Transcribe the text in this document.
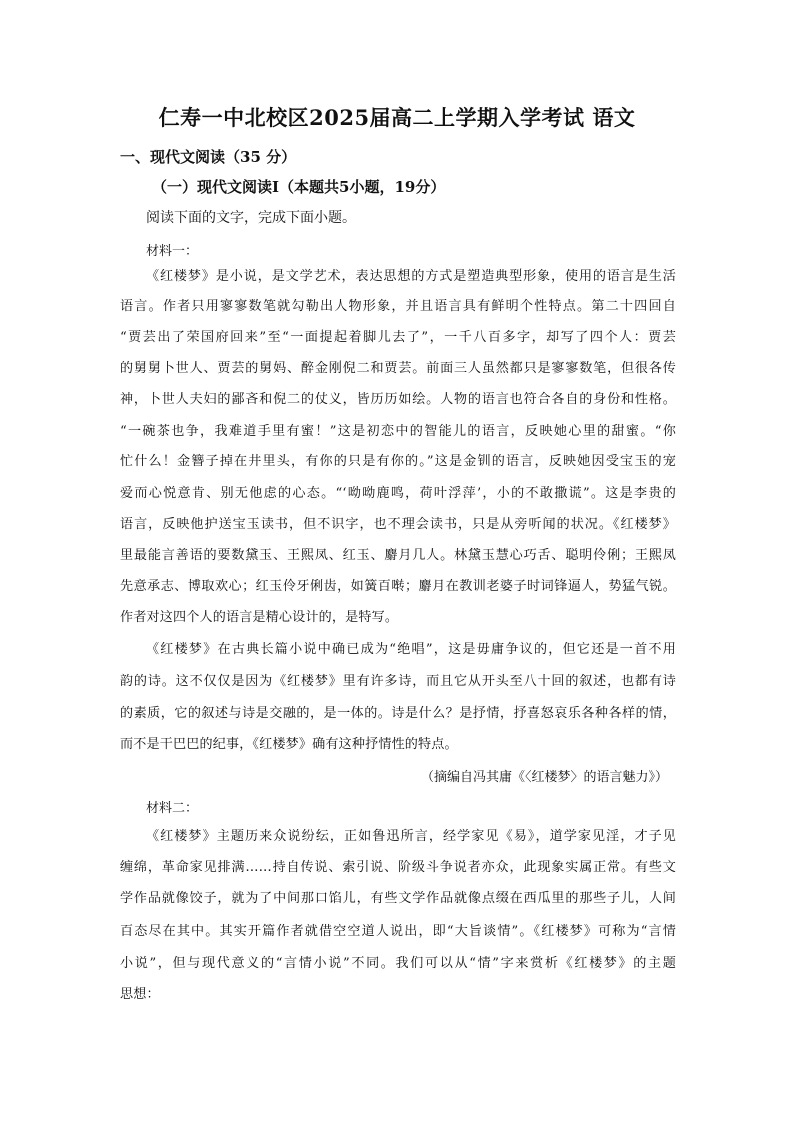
仁寿一中北校区2025届高二上学期入学考试 语文
一、现代文阅读（35 分）
（一）现代文阅读Ⅰ（本题共5小题，19分）
阅读下面的文字，完成下面小题。
材料一：
《红楼梦》是小说，是文学艺术，表达思想的方式是塑造典型形象，使用的语言是生活
语言。作者只用寥寥数笔就勾勒出人物形象，并且语言具有鲜明个性特点。第二十四回自
“贾芸出了荣国府回来”至“一面提起着脚儿去了”，一千八百多字，却写了四个人：贾芸
的舅舅卜世人、贾芸的舅妈、醉金刚倪二和贾芸。前面三人虽然都只是寥寥数笔，但很各传
神，卜世人夫妇的鄙吝和倪二的仗义，皆历历如绘。人物的语言也符合各自的身份和性格。
“一碗茶也争，我难道手里有蜜！”这是初恋中的智能儿的语言，反映她心里的甜蜜。“你
忙什么！金簪子掉在井里头，有你的只是有你的。”这是金钏的语言，反映她因受宝玉的宠
爱而心悦意肯、别无他虑的心态。“‘呦呦鹿鸣，荷叶浮萍’，小的不敢撒谎”。这是李贵的
语言，反映他护送宝玉读书，但不识字，也不理会读书，只是从旁听闻的状况。《红楼梦》
里最能言善语的要数黛玉、王熙凤、红玉、麝月几人。林黛玉慧心巧舌、聪明伶俐；王熙凤
先意承志、博取欢心；红玉伶牙俐齿，如簧百啭；麝月在教训老婆子时词锋逼人，势猛气锐。
作者对这四个人的语言是精心设计的，是特写。
《红楼梦》在古典长篇小说中确已成为“绝唱”，这是毋庸争议的，但它还是一首不用
韵的诗。这不仅仅是因为《红楼梦》里有许多诗，而且它从开头至八十回的叙述，也都有诗
的素质，它的叙述与诗是交融的，是一体的。诗是什么？是抒情，抒喜怒哀乐各种各样的情，
而不是干巴巴的纪事，《红楼梦》确有这种抒情性的特点。
（摘编自冯其庸《〈红楼梦〉的语言魅力》）
材料二：
《红楼梦》主题历来众说纷纭，正如鲁迅所言，经学家见《易》，道学家见淫，才子见
缠绵，革命家见排满……持自传说、索引说、阶级斗争说者亦众，此现象实属正常。有些文
学作品就像饺子，就为了中间那口馅儿，有些文学作品就像点缀在西瓜里的那些子儿，人间
百态尽在其中。其实开篇作者就借空空道人说出，即“大旨谈情”。《红楼梦》可称为“言情
小说”，但与现代意义的“言情小说”不同。我们可以从“情”字来赏析《红楼梦》的主题
思想：
